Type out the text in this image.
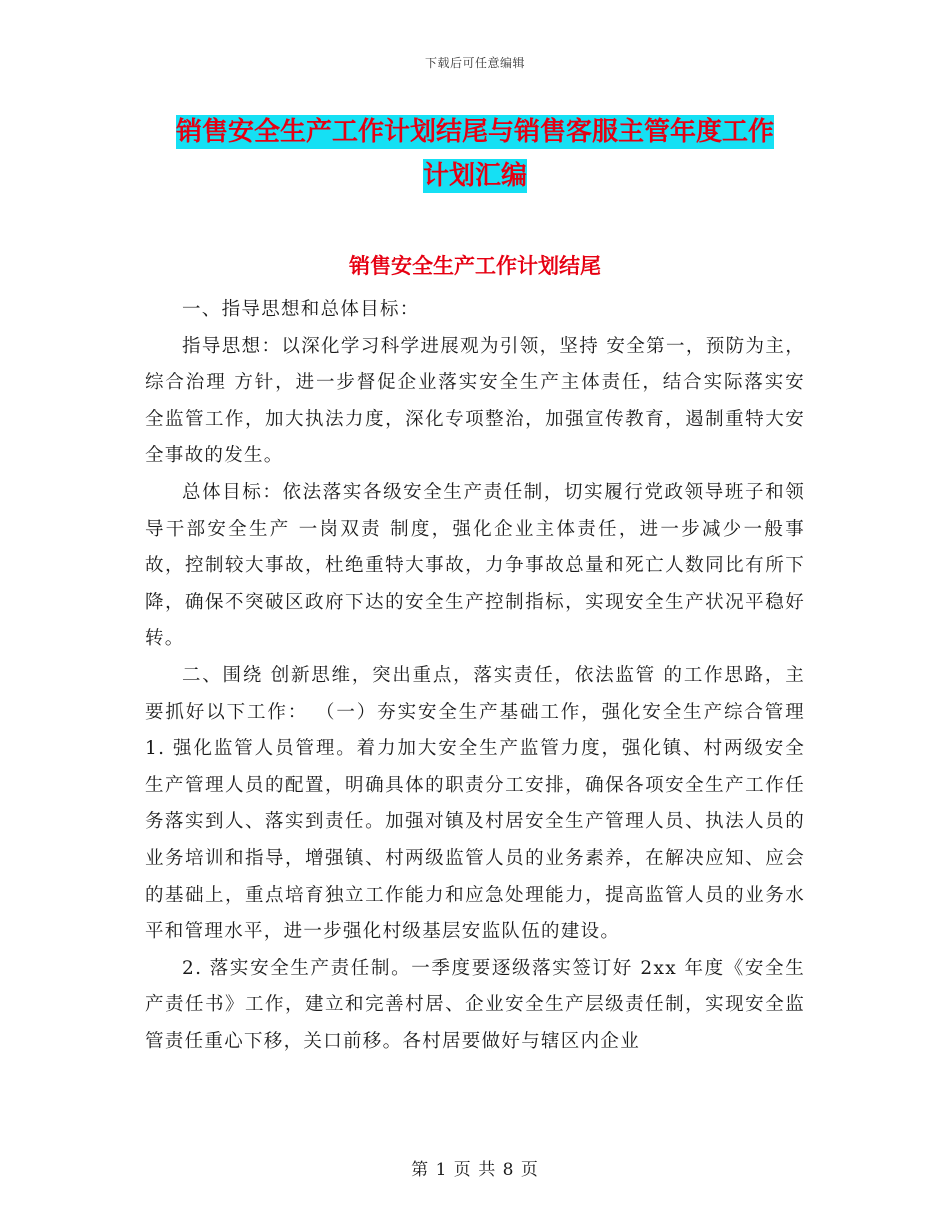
下载后可任意编辑
销售安全生产工作计划结尾与销售客服主管年度工作
计划汇编
销售安全生产工作计划结尾

一、指导思想和总体目标：

指导思想：以深化学习科学进展观为引领，坚持 安全第一，预防为主，综合治理 方针，进一步督促企业落实安全生产主体责任，结合实际落实安全监管工作，加大执法力度，深化专项整治，加强宣传教育，遏制重特大安全事故的发生。

总体目标：依法落实各级安全生产责任制，切实履行党政领导班子和领导干部安全生产 一岗双责 制度，强化企业主体责任，进一步减少一般事故，控制较大事故，杜绝重特大事故，力争事故总量和死亡人数同比有所下降，确保不突破区政府下达的安全生产控制指标，实现安全生产状况平稳好转。

二、围绕 创新思维，突出重点，落实责任，依法监管 的工作思路，主要抓好以下工作： （一）夯实安全生产基础工作，强化安全生产综合管理 1. 强化监管人员管理。着力加大安全生产监管力度，强化镇、村两级安全生产管理人员的配置，明确具体的职责分工安排，确保各项安全生产工作任务落实到人、落实到责任。加强对镇及村居安全生产管理人员、执法人员的业务培训和指导，增强镇、村两级监管人员的业务素养，在解决应知、应会的基础上，重点培育独立工作能力和应急处理能力，提高监管人员的业务水平和管理水平，进一步强化村级基层安监队伍的建设。

2. 落实安全生产责任制。一季度要逐级落实签订好 2xx 年度《安全生产责任书》工作，建立和完善村居、企业安全生产层级责任制，实现安全监管责任重心下移，关口前移。各村居要做好与辖区内企业

第 1 页 共 8 页
